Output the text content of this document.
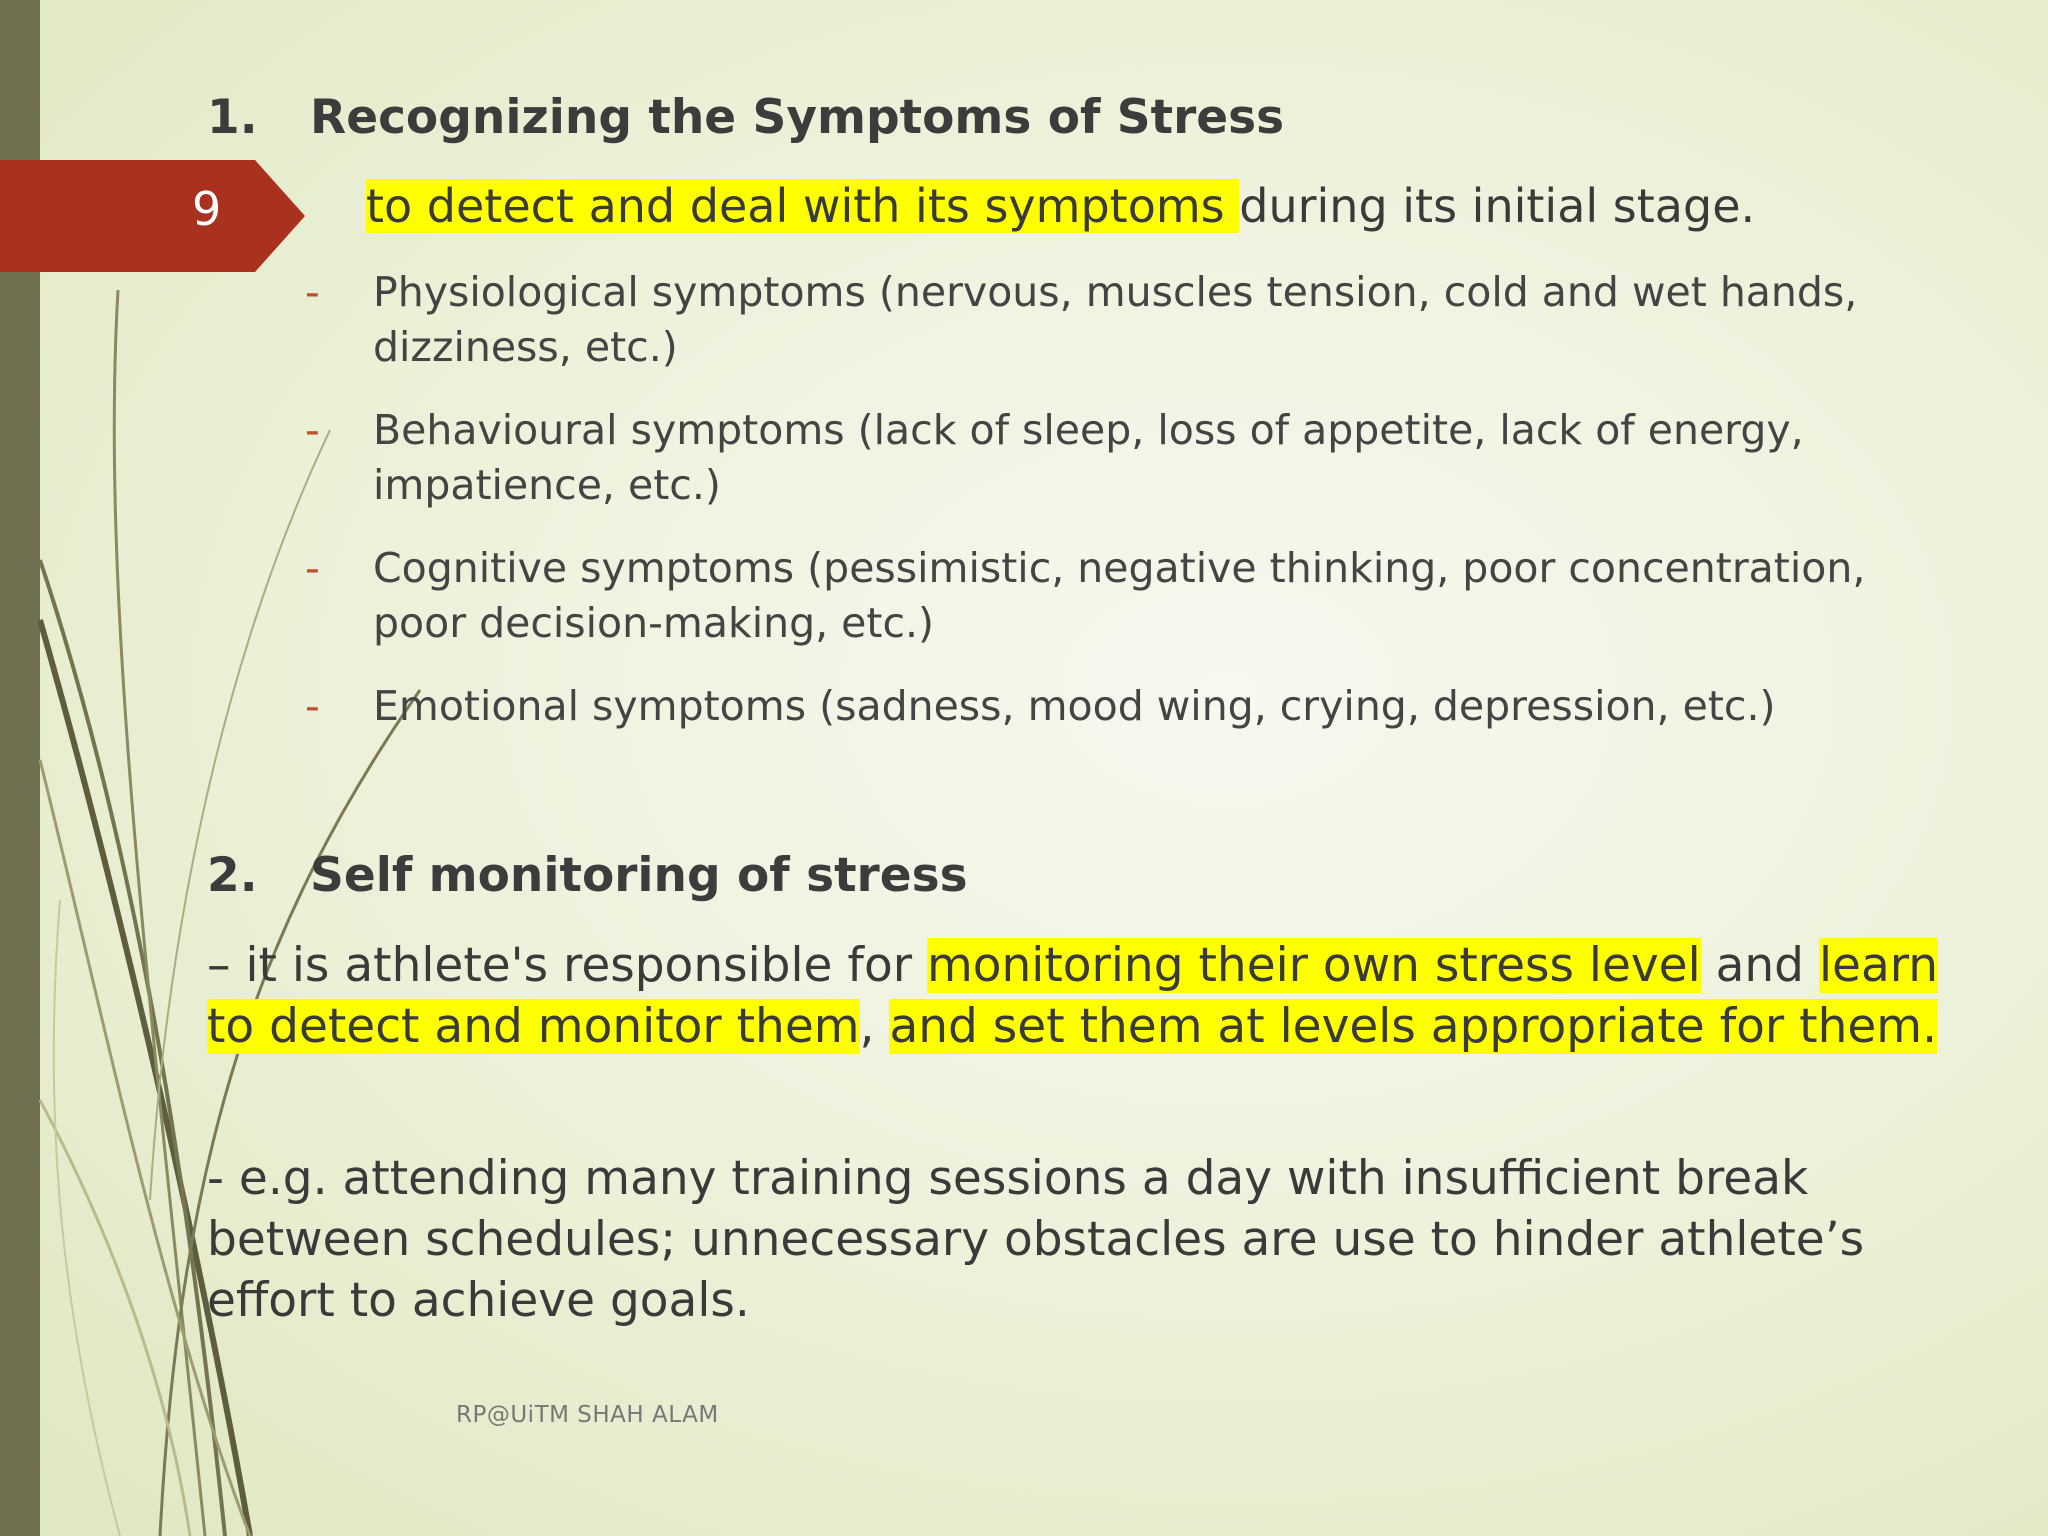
9
1. Recognizing the Symptoms of Stress
to detect and deal with its symptoms during its initial stage.
- Physiological symptoms (nervous, muscles tension, cold and wet hands, dizziness, etc.)
- Behavioural symptoms (lack of sleep, loss of appetite, lack of energy, impatience, etc.)
- Cognitive symptoms (pessimistic, negative thinking, poor concentration, poor decision-making, etc.)
- Emotional symptoms (sadness, mood wing, crying, depression, etc.)
2. Self monitoring of stress
– it is athlete's responsible for monitoring their own stress level and learn to detect and monitor them, and set them at levels appropriate for them.
- e.g. attending many training sessions a day with insufficient break between schedules; unnecessary obstacles are use to hinder athlete’s effort to achieve goals.
RP@UiTM SHAH ALAM
